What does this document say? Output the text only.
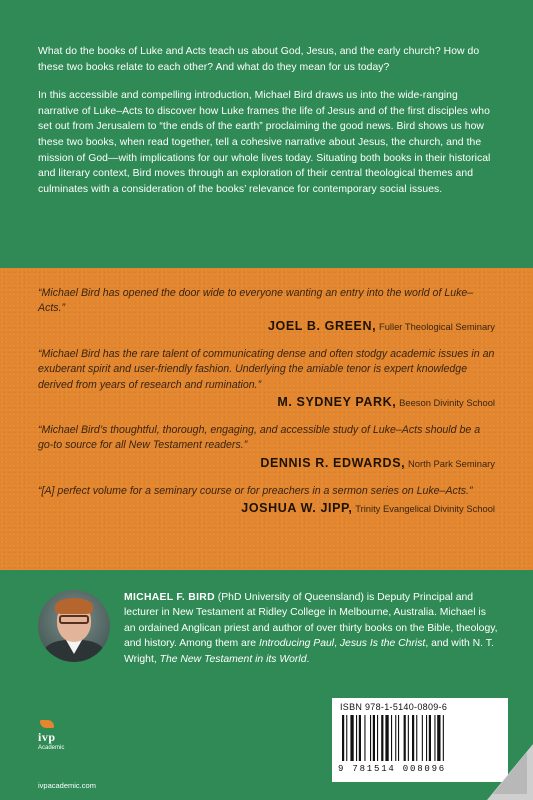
What do the books of Luke and Acts teach us about God, Jesus, and the early church? How do these two books relate to each other? And what do they mean for us today?

In this accessible and compelling introduction, Michael Bird draws us into the wide-ranging narrative of Luke–Acts to discover how Luke frames the life of Jesus and of the first disciples who set out from Jerusalem to “the ends of the earth” proclaiming the good news. Bird shows us how these two books, when read together, tell a cohesive narrative about Jesus, the church, and the mission of God—with implications for our whole lives today. Situating both books in their historical and literary context, Bird moves through an exploration of their central theological themes and culminates with a consideration of the books’ relevance for contemporary social issues.

“Michael Bird has opened the door wide to everyone wanting an entry into the world of Luke–Acts.”
JOEL B. GREEN, Fuller Theological Seminary
“Michael Bird has the rare talent of communicating dense and often stodgy academic issues in an exuberant spirit and user-friendly fashion. Underlying the amiable tenor is expert knowledge derived from years of research and rumination.”
M. SYDNEY PARK, Beeson Divinity School
“Michael Bird’s thoughtful, thorough, engaging, and accessible study of Luke–Acts should be a go-to source for all New Testament readers.”
DENNIS R. EDWARDS, North Park Seminary
“[A] perfect volume for a seminary course or for preachers in a sermon series on Luke–Acts.”
JOSHUA W. JIPP, Trinity Evangelical Divinity School
MICHAEL F. BIRD (PhD University of Queensland) is Deputy Principal and lecturer in New Testament at Ridley College in Melbourne, Australia. Michael is an ordained Anglican priest and author of over thirty books on the Bible, theology, and history. Among them are Introducing Paul, Jesus Is the Christ, and with N. T. Wright, The New Testament in its World.
ivp
Academic
ivpacademic.com
ISBN 978-1-5140-0809-6
9 781514 008096
